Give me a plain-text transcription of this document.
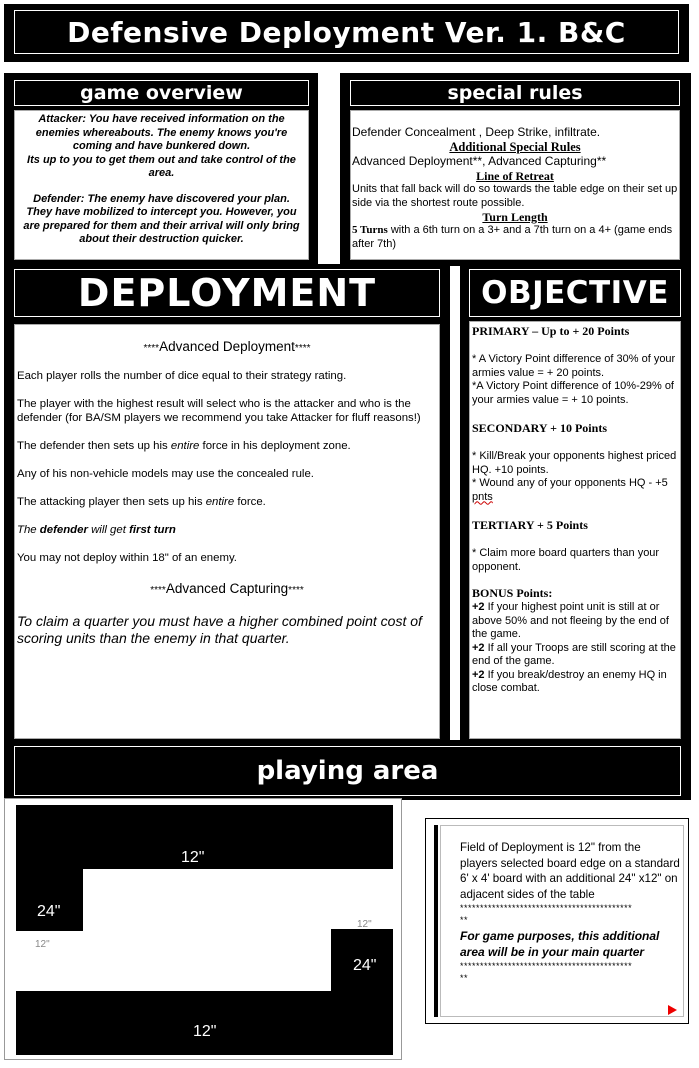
Defensive Deployment Ver. 1. B&C
game overview

Attacker: You have received information on the enemies whereabouts. The enemy knows you're coming and have bunkered down.

Its up to you to get them out and take control of the area.

Defender: The enemy have discovered your plan. They have mobilized to intercept you. However, you are prepared for them and their arrival will only bring about their destruction quicker.

special rules

Defender Concealment , Deep Strike, infiltrate.

Additional Special Rules

Advanced Deployment**, Advanced Capturing**

Line of Retreat

Units that fall back will do so towards the table edge on their set up side via the shortest route possible.

Turn Length

5 Turns with a 6th turn on a 3+ and a 7th turn on a 4+ (game ends after 7th)

DEPLOYMENT

****Advanced Deployment****

Each player rolls the number of dice equal to their strategy rating.

The player with the highest result will select who is the attacker and who is the defender (for BA/SM players we recommend you take Attacker for fluff reasons!)

The defender then sets up his entire force in his deployment zone.

Any of his non-vehicle models may use the concealed rule.

The attacking player then sets up his entire force.

The defender will get first turn

You may not deploy within 18" of an enemy.

****Advanced Capturing****

To claim a quarter you must have a higher combined point cost of scoring units than the enemy in that quarter.

OBJECTIVE

PRIMARY – Up to + 20 Points

* A Victory Point difference of 30% of your armies value = + 20 points.

*A Victory Point difference of 10%-29% of your armies value = + 10 points.

SECONDARY + 10 Points

* Kill/Break your opponents highest priced HQ. +10 points.

* Wound any of your opponents HQ - +5 pnts

TERTIARY + 5 Points

* Claim more board quarters than your opponent.

BONUS Points:

+2 If your highest point unit is still at or above 50% and not fleeing by the end of the game.

+2 If all your Troops are still scoring at the end of the game.

+2 If you break/destroy an enemy HQ in close combat.

playing area
12"
24"
12"
12"
24"
12"

Field of Deployment is 12" from the players selected board edge on a standard 6' x 4' board with an additional 24" x12" on adjacent sides of the table

*******************************************

**

For game purposes, this additional area will be in your main quarter

*******************************************

**
